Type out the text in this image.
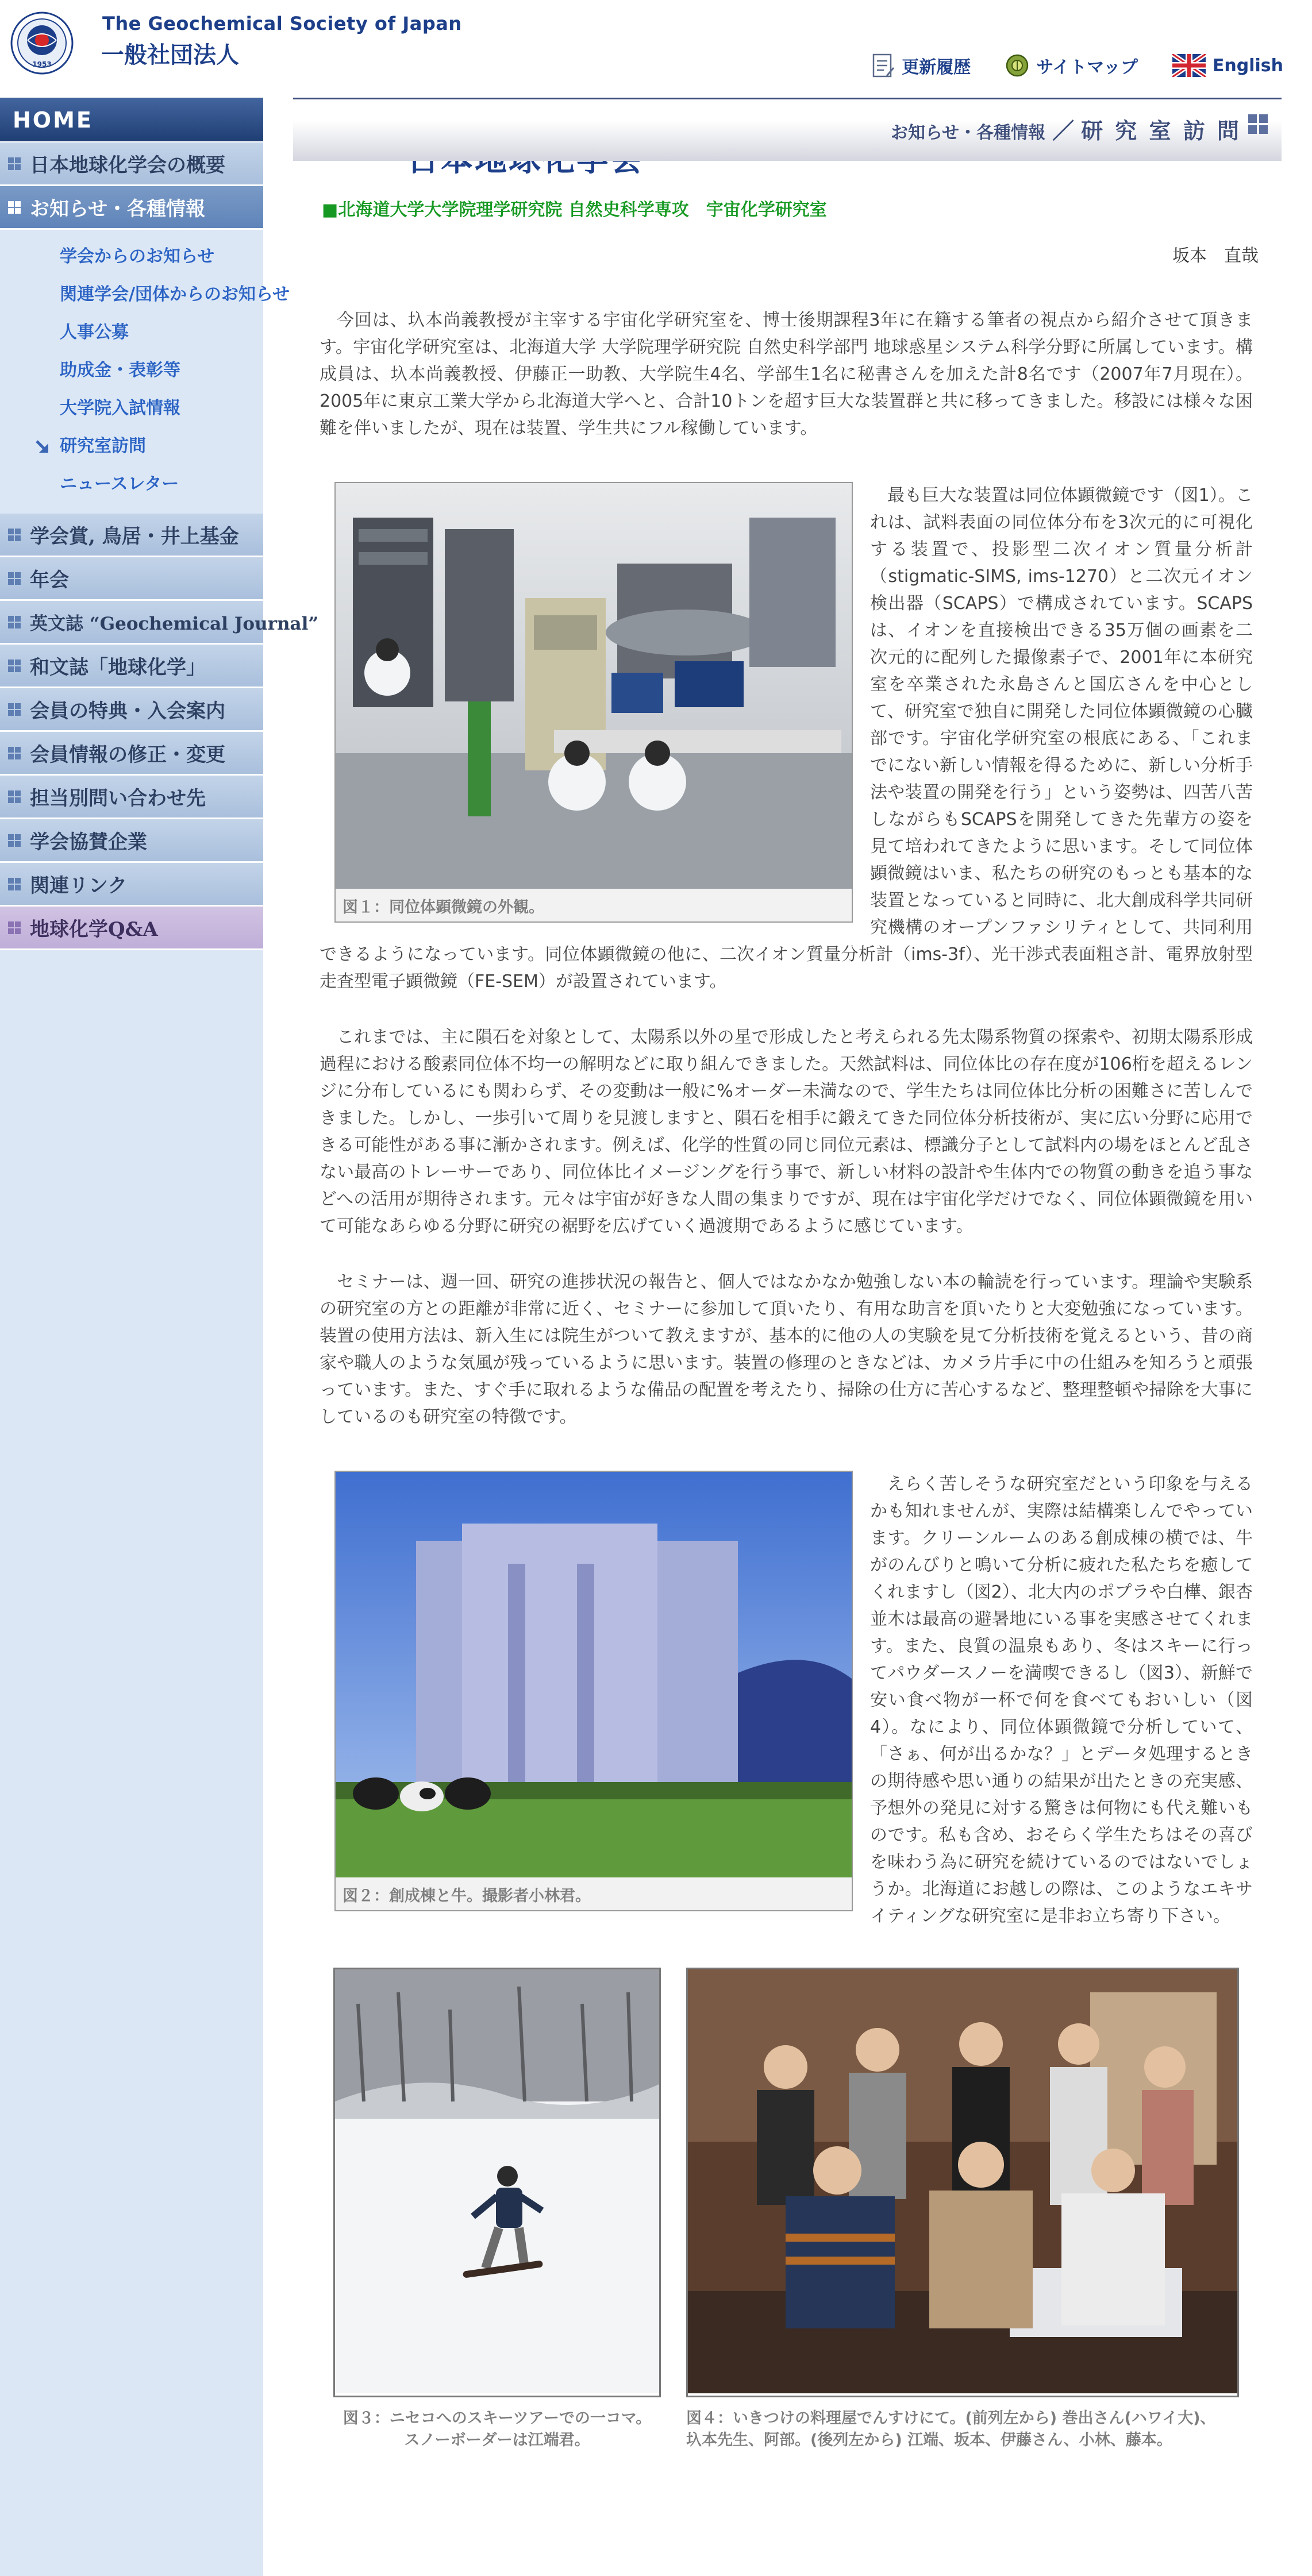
1953
The Geochemical Society of Japan
一般社団法人	更新履歴	サイトマップ	English
HOME
日本地球化学会の概要
お知らせ・各種情報
学会からのお知らせ
関連学会/団体からのお知らせ
人事公募
助成金・表彰等
大学院入試情報
研究室訪問
ニュースレター
学会賞, 鳥居・井上基金
年会
英文誌 “Geochemical Journal”
和文誌「地球化学」
会員の特典・入会案内
会員情報の修正・変更
担当別問い合わせ先
学会協賛企業
関連リンク
地球化学Q&A
お知らせ・各種情報 ／ 研 究 室 訪 問
■北海道大学大学院理学研究院 自然史科学専攻　宇宙化学研究室
坂本　直哉

今回は、圦本尚義教授が主宰する宇宙化学研究室を、博士後期課程3年に在籍する筆者の視点から紹介させて頂きます。宇宙化学研究室は、北海道大学 大学院理学研究院 自然史科学部門 地球惑星システム科学分野に所属しています。構成員は、圦本尚義教授、伊藤正一助教、大学院生4名、学部生1名に秘書さんを加えた計8名です（2007年7月現在）。2005年に東京工業大学から北海道大学へと、合計10トンを超す巨大な装置群と共に移ってきました。移設には様々な困難を伴いましたが、現在は装置、学生共にフル稼働しています。

図１：同位体顕微鏡の外観。

最も巨大な装置は同位体顕微鏡です（図1）。これは、試料表面の同位体分布を3次元的に可視化する装置で、投影型二次イオン質量分析計（stigmatic-SIMS, ims-1270）と二次元イオン検出器（SCAPS）で構成されています。SCAPSは、イオンを直接検出できる35万個の画素を二次元的に配列した撮像素子で、2001年に本研究室を卒業された永島さんと国広さんを中心として、研究室で独自に開発した同位体顕微鏡の心臓部です。宇宙化学研究室の根底にある、「これまでにない新しい情報を得るために、新しい分析手法や装置の開発を行う」という姿勢は、四苦八苦しながらもSCAPSを開発してきた先輩方の姿を見て培われてきたように思います。そして同位体顕微鏡はいま、私たちの研究のもっとも基本的な装置となっていると同時に、北大創成科学共同研究機構のオープンファシリティとして、共同利用できるようになっています。同位体顕微鏡の他に、二次イオン質量分析計（ims-3f）、光干渉式表面粗さ計、電界放射型走査型電子顕微鏡（FE-SEM）が設置されています。

これまでは、主に隕石を対象として、太陽系以外の星で形成したと考えられる先太陽系物質の探索や、初期太陽系形成過程における酸素同位体不均一の解明などに取り組んできました。天然試料は、同位体比の存在度が106桁を超えるレンジに分布しているにも関わらず、その変動は一般に%オーダー未満なので、学生たちは同位体比分析の困難さに苦しんできました。しかし、一歩引いて周りを見渡しますと、隕石を相手に鍛えてきた同位体分析技術が、実に広い分野に応用できる可能性がある事に漸かされます。例えば、化学的性質の同じ同位元素は、標識分子として試料内の場をほとんど乱さない最高のトレーサーであり、同位体比イメージングを行う事で、新しい材料の設計や生体内での物質の動きを追う事などへの活用が期待されます。元々は宇宙が好きな人間の集まりですが、現在は宇宙化学だけでなく、同位体顕微鏡を用いて可能なあらゆる分野に研究の裾野を広げていく過渡期であるように感じています。

セミナーは、週一回、研究の進捗状況の報告と、個人ではなかなか勉強しない本の輪読を行っています。理論や実験系の研究室の方との距離が非常に近く、セミナーに参加して頂いたり、有用な助言を頂いたりと大変勉強になっています。装置の使用方法は、新入生には院生がついて教えますが、基本的に他の人の実験を見て分析技術を覚えるという、昔の商家や職人のような気風が残っているように思います。装置の修理のときなどは、カメラ片手に中の仕組みを知ろうと頑張っています。また、すぐ手に取れるような備品の配置を考えたり、掃除の仕方に苦心するなど、整理整頓や掃除を大事にしているのも研究室の特徴です。

図２：創成棟と牛。撮影者小林君。

えらく苦しそうな研究室だという印象を与えるかも知れませんが、実際は結構楽しんでやっています。クリーンルームのある創成棟の横では、牛がのんびりと鳴いて分析に疲れた私たちを癒してくれますし（図2）、北大内のポプラや白樺、銀杏並木は最高の避暑地にいる事を実感させてくれます。また、良質の温泉もあり、冬はスキーに行ってパウダースノーを満喫できるし（図3）、新鮮で安い食べ物が一杯で何を食べてもおいしい（図4）。なにより、同位体顕微鏡で分析していて、「さぁ、何が出るかな？」とデータ処理するときの期待感や思い通りの結果が出たときの充実感、予想外の発見に対する驚きは何物にも代え難いものです。私も含め、おそらく学生たちはその喜びを味わう為に研究を続けているのではないでしょうか。北海道にお越しの際は、このようなエキサイティングな研究室に是非お立ち寄り下さい。

図３：ニセコへのスキーツアーでの一コマ。
スノーボーダーは江端君。
図４：いきつけの料理屋でんすけにて。(前列左から) 巻出さん(ハワイ大)、
圦本先生、阿部。(後列左から) 江端、坂本、伊藤さん、小林、藤本。
